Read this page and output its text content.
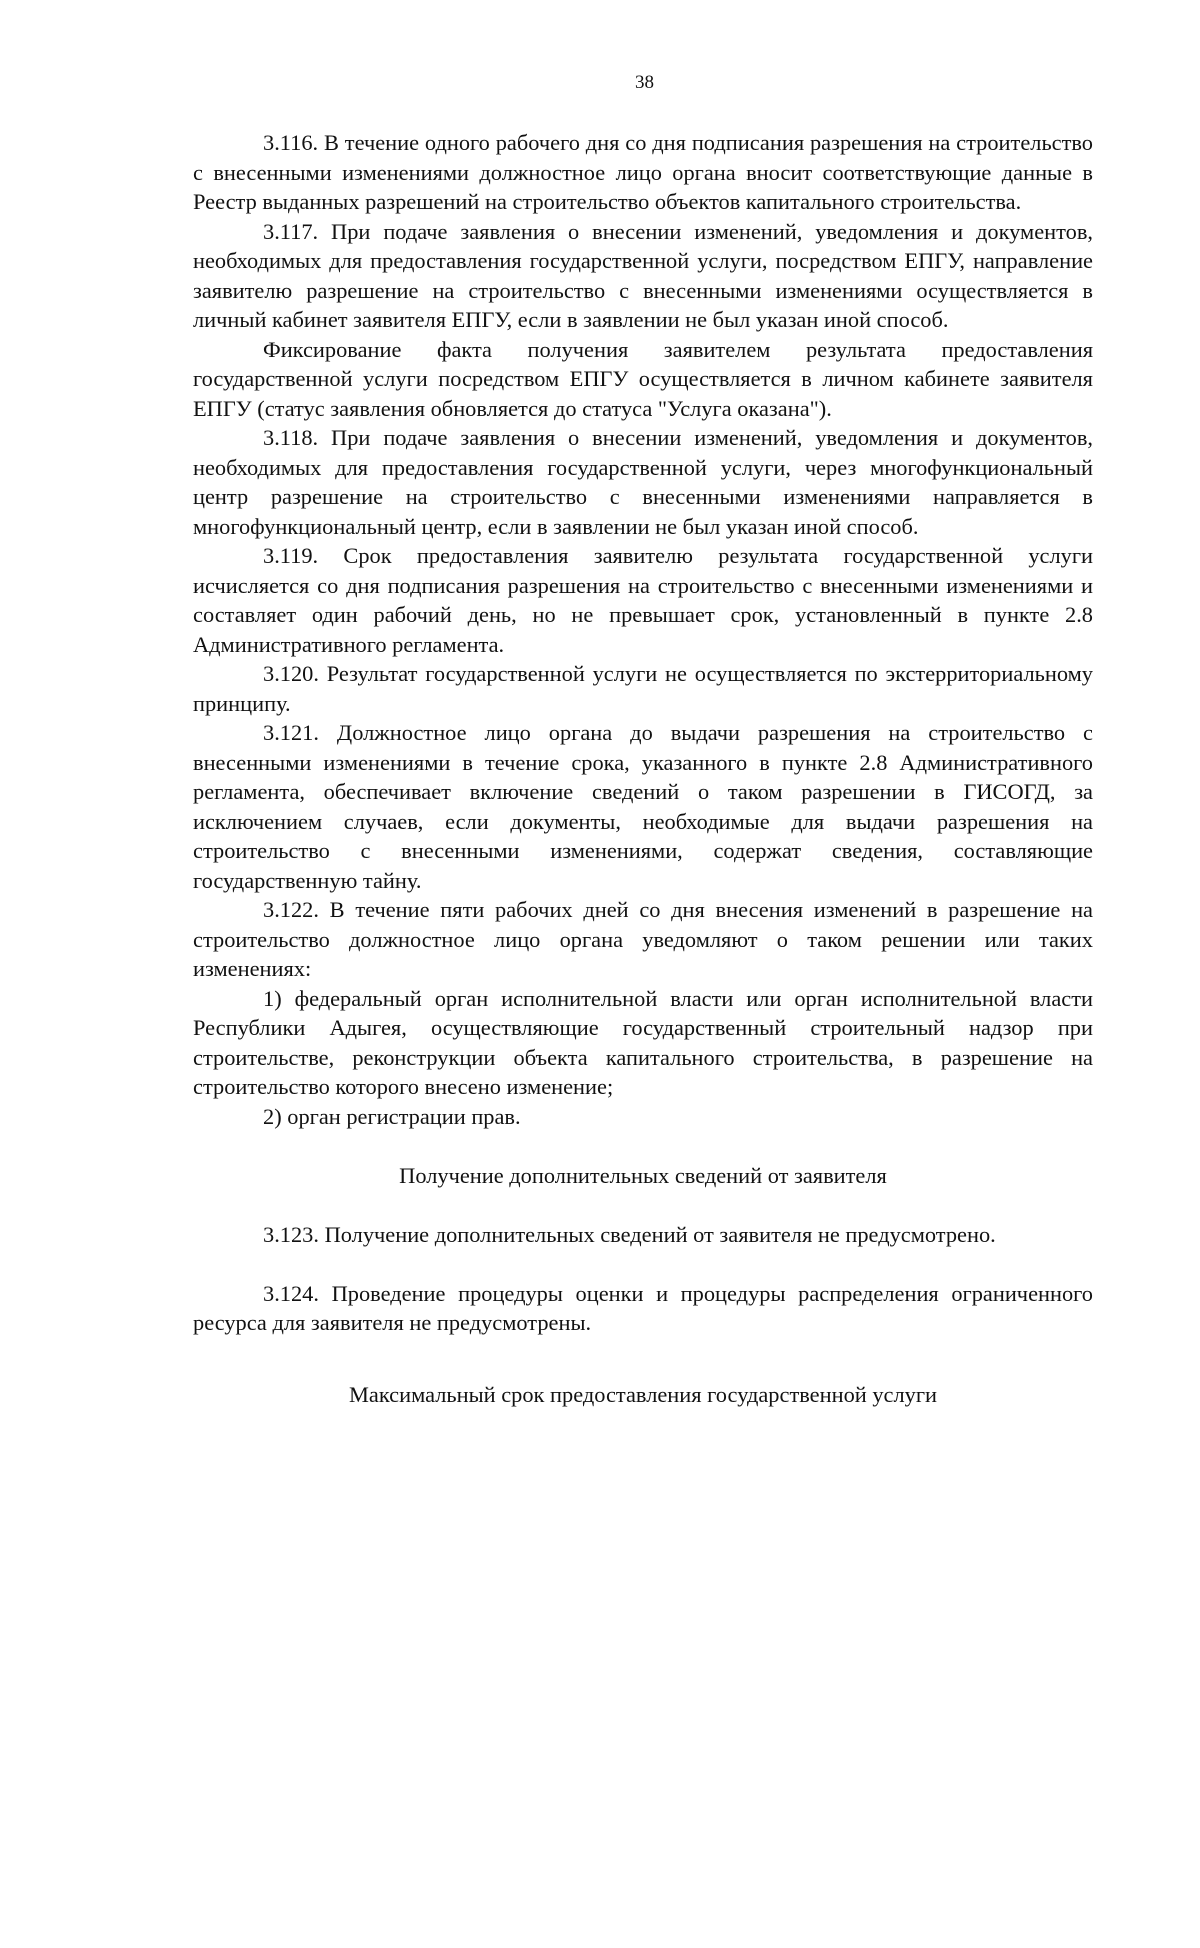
38

3.116. В течение одного рабочего дня со дня подписания разрешения на строительство с внесенными изменениями должностное лицо органа вносит соответствующие данные в Реестр выданных разрешений на строительство объектов капитального строительства.

3.117. При подаче заявления о внесении изменений, уведомления и документов, необходимых для предоставления государственной услуги, посредством ЕПГУ, направление заявителю разрешение на строительство с внесенными изменениями осуществляется в личный кабинет заявителя ЕПГУ, если в заявлении не был указан иной способ.

Фиксирование факта получения заявителем результата предоставления государственной услуги посредством ЕПГУ осуществляется в личном кабинете заявителя ЕПГУ (статус заявления обновляется до статуса "Услуга оказана").

3.118. При подаче заявления о внесении изменений, уведомления и документов, необходимых для предоставления государственной услуги, через многофункциональный центр разрешение на строительство с внесенными изменениями направляется в многофункциональный центр, если в заявлении не был указан иной способ.

3.119. Срок предоставления заявителю результата государственной услуги исчисляется со дня подписания разрешения на строительство с внесенными изменениями и составляет один рабочий день, но не превышает срок, установленный в пункте 2.8 Административного регламента.

3.120. Результат государственной услуги не осуществляется по экстерриториальному принципу.

3.121. Должностное лицо органа до выдачи разрешения на строительство с внесенными изменениями в течение срока, указанного в пункте 2.8 Административного регламента, обеспечивает включение сведений о таком разрешении в ГИСОГД, за исключением случаев, если документы, необходимые для выдачи разрешения на строительство с внесенными изменениями, содержат сведения, составляющие государственную тайну.

3.122. В течение пяти рабочих дней со дня внесения изменений в разрешение на строительство должностное лицо органа уведомляют о таком решении или таких изменениях:

1) федеральный орган исполнительной власти или орган исполнительной власти Республики Адыгея, осуществляющие государственный строительный надзор при строительстве, реконструкции объекта капитального строительства, в разрешение на строительство которого внесено изменение;

2) орган регистрации прав.

Получение дополнительных сведений от заявителя

3.123. Получение дополнительных сведений от заявителя не предусмотрено.

3.124. Проведение процедуры оценки и процедуры распределения ограниченного ресурса для заявителя не предусмотрены.

Максимальный срок предоставления государственной услуги
